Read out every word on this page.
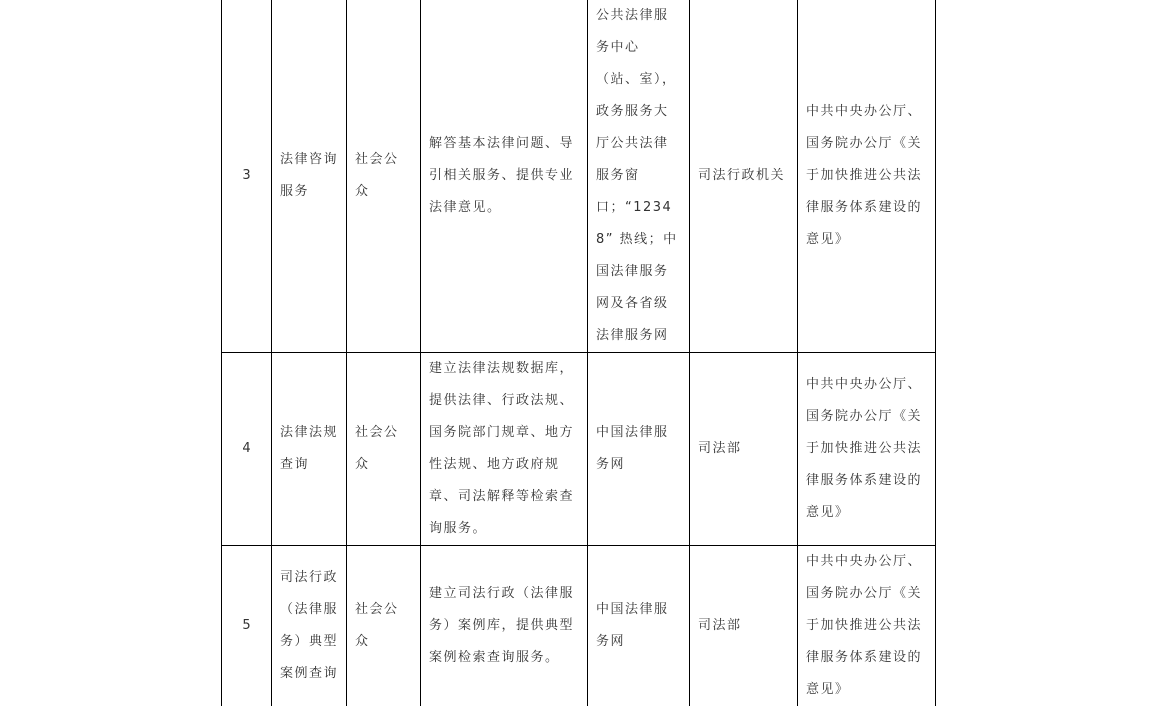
3	法律咨询服务	社会公众	解答基本法律问题、导引相关服务、提供专业法律意见。	公共法律服务中心（站、室），政务服务大厅公共法律服务窗口；“12348” 热线；中国法律服务网及各省级法律服务网	司法行政机关	中共中央办公厅、国务院办公厅《关于加快推进公共法律服务体系建设的意见》
4	法律法规查询	社会公众	建立法律法规数据库，提供法律、行政法规、国务院部门规章、地方性法规、地方政府规章、司法解释等检索查询服务。	中国法律服务网	司法部	中共中央办公厅、国务院办公厅《关于加快推进公共法律服务体系建设的意见》
5	司法行政（法律服务）典型案例查询	社会公众	建立司法行政（法律服务）案例库，提供典型案例检索查询服务。	中国法律服务网	司法部	中共中央办公厅、国务院办公厅《关于加快推进公共法律服务体系建设的意见》
